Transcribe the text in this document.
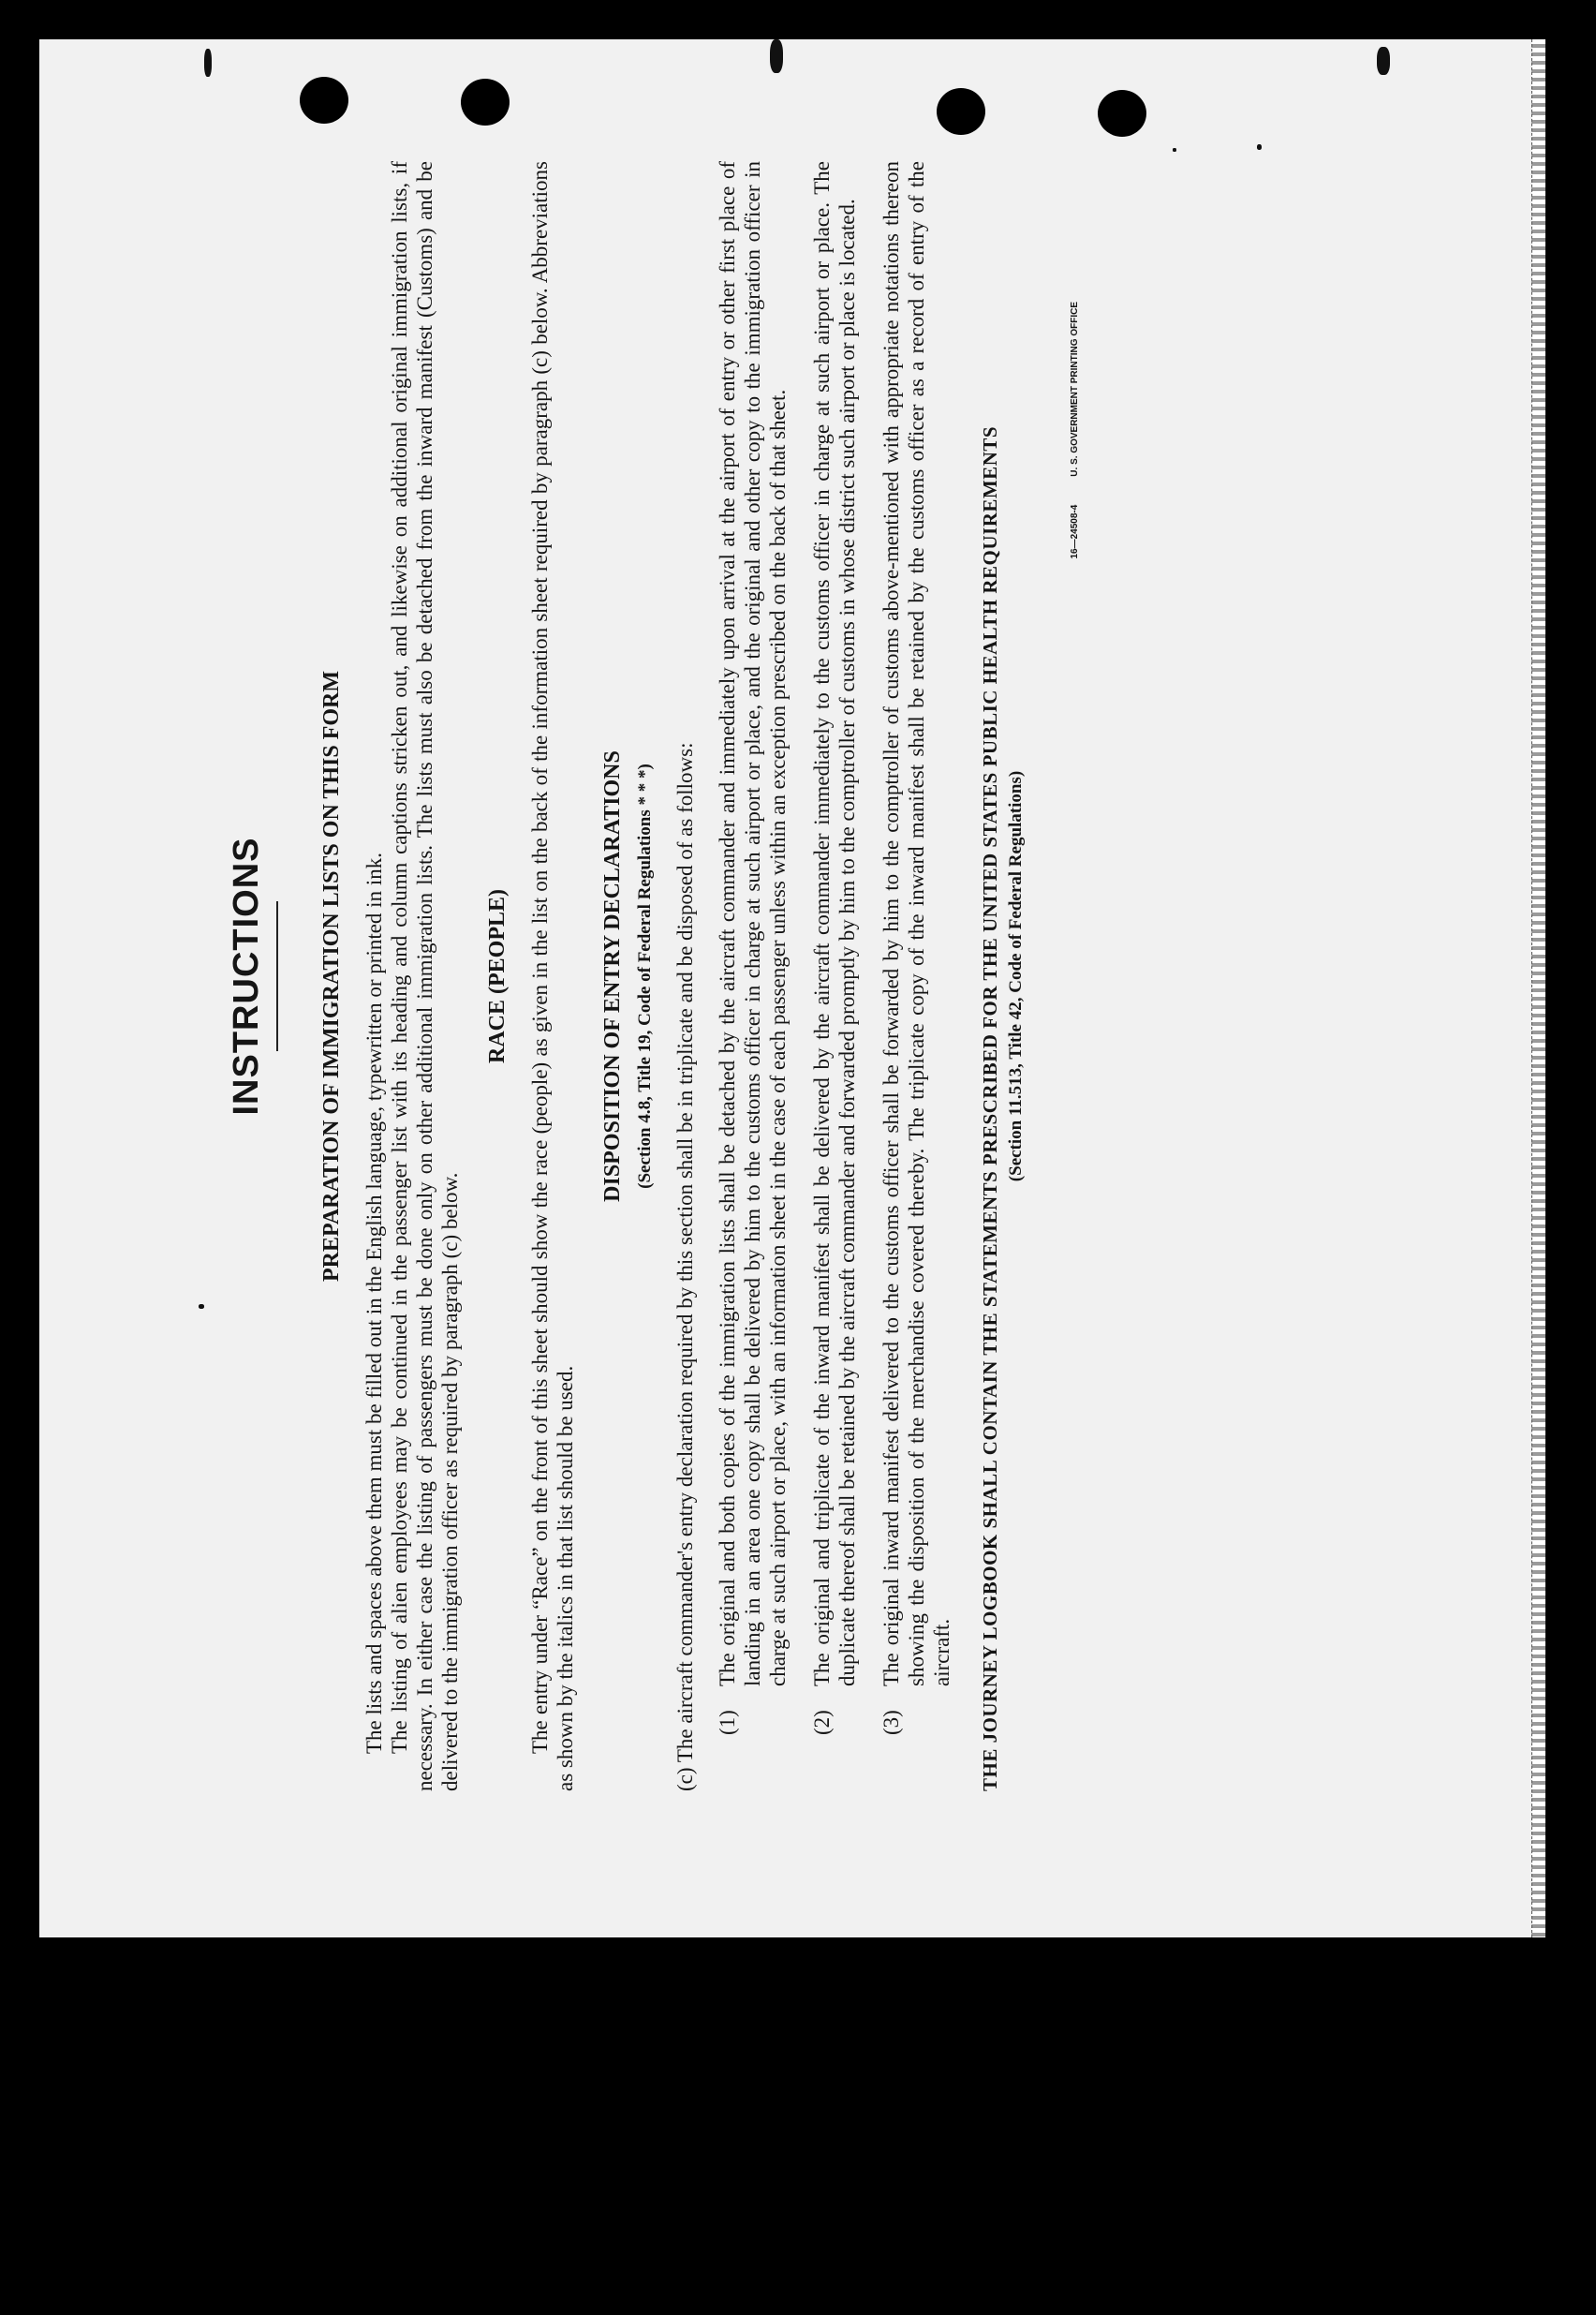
INSTRUCTIONS PREPARATION OF IMMIGRATION LISTS ON THIS FORM The lists and spaces above them must be filled out in the English language, typewritten or printed in ink. The listing of alien employees may be continued in the passenger list with its heading and column captions stricken out, and likewise on additional original immigration lists, if necessary. In either case the listing of passengers must be done only on other additional immigration lists. The lists must also be detached from the inward manifest (Customs) and be delivered to the immigration officer as required by paragraph (c) below.

RACE (PEOPLE) The entry under “Race” on the front of this sheet should show the race (people) as given in the list on the back of the information sheet required by paragraph (c) below. Abbreviations as shown by the italics in that list should be used.

DISPOSITION OF ENTRY DECLARATIONS (Section 4.8, Title 19, Code of Federal Regulations * * *) (c) The aircraft commander's entry declaration required by this section shall be in triplicate and be disposed of as follows: (1)
The original and both copies of the immigration lists shall be detached by the aircraft commander and immediately upon arrival at the airport of entry or other first place of landing in an area one copy shall be delivered by him to the customs officer in charge at such airport or place, and the original and other copy to the immigration officer in charge at such airport or place, with an information sheet in the case of each passenger unless within an exception prescribed on the back of that sheet.
(2)
The original and triplicate of the inward manifest shall be delivered by the aircraft commander immediately to the customs officer in charge at such airport or place. The duplicate thereof shall be retained by the aircraft commander and forwarded promptly by him to the comptroller of customs in whose district such airport or place is located.
(3)
The original inward manifest delivered to the customs officer shall be forwarded by him to the comptroller of customs above-mentioned with appropriate notations thereon showing the disposition of the merchandise covered thereby. The triplicate copy of the inward manifest shall be retained by the customs officer as a record of entry of the aircraft. THE JOURNEY LOGBOOK SHALL CONTAIN THE STATEMENTS PRESCRIBED FOR THE UNITED STATES PUBLIC HEALTH REQUIREMENTS (Section 11.513, Title 42, Code of Federal Regulations)
16—24508-4
U. S. GOVERNMENT PRINTING OFFICE
